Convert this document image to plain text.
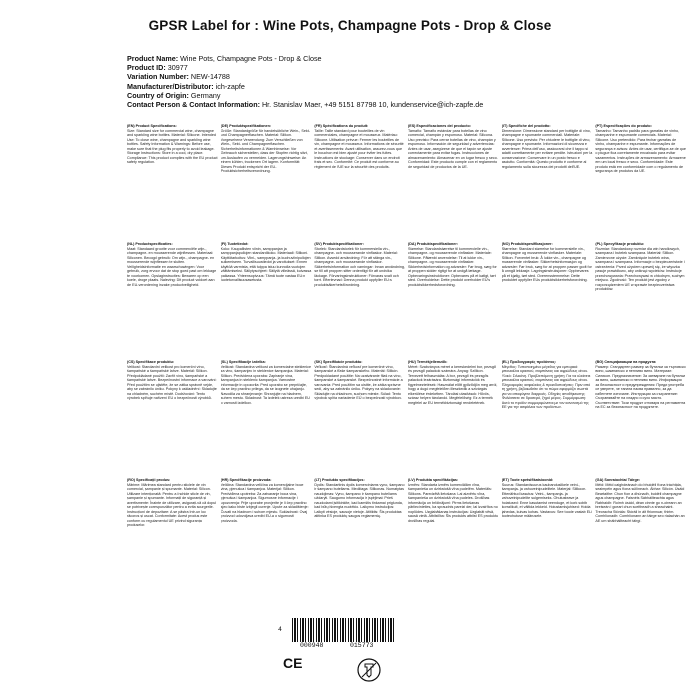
GPSR Label for : Wine Pots, Champagne Pots - Drop & Close
Product Name: Wine Pots, Champagne Pots - Drop & Close
Product ID: 30977
Variation Number: NEW-14788
Manufacturer/Distributor: ich-zapfe
Country of Origin: Germany
Contact Person & Contact Information: Hr. Stanislav Maer, +49 5151 87798 10, kundenservice@ich-zapfe.de
(EN) Product Specifications:
Size: Standard size for commercial wine, champagne and sparkling wine bottles. Material: Silicone. Intended Use: To close wine, champagne and sparkling wine bottles. Safety Information & Warnings: Before use, make sure that the plug fits properly to avoid leakage. Storage Instructions: Store in a cool, dry place. Compliance: This product complies with the EU product safety regulation.
(DE) Produktspezifikationen:
Größe: Standardgröße für handelsübliche Wein-, Sekt- und Champagnerflaschen. Material: Silikon. Vorgesehene Verwendung: Zum Verschließen von Wein-, Sekt- und Champagnerflaschen. Sicherheitsinformationen & Warnhinweise: Vor Gebrauch sicherstellen, dass der Stopfen richtig sitzt, um Auslaufen zu vermeiden. Lagerungshinweise: An einem kühlen, trockenen Ort lagern. Konformität: Dieses Produkt entspricht der EU-Produktsicherheitsverordnung.
(FR) Spécifications du produit:
Taille: Taille standard pour bouteilles de vin commerciales, champagne et mousseux. Matériau: Silicone. Utilisation prévue: Fermer les bouteilles de vin, champagne et mousseux. Informations de sécurité et avertissements: Avant utilisation, assurez-vous que le bouchon est bien ajusté pour éviter les fuites. Instructions de stockage: Conserver dans un endroit frais et sec. Conformité: Ce produit est conforme au règlement de l'UE sur la sécurité des produits.
(ES) Especificaciones del producto:
Tamaño: Tamaño estándar para botellas de vino comercial, champán y espumoso. Material: Silicona. Uso previsto: Para cerrar botellas de vino, champán y espumoso. Información de seguridad y advertencias: Antes de usar, asegúrese de que el tapón se ajuste correctamente para evitar fugas. Instrucciones de almacenamiento: Almacenar en un lugar fresco y seco. Conformidad: Este producto cumple con el reglamento de seguridad de productos de la UE.
(IT) Specifiche del prodotto:
Dimensione: Dimensione standard per bottiglie di vino, champagne e spumante commerciali. Materiale: Silicone. Uso previsto: Per chiudere le bottiglie di vino, champagne e spumante. Informazioni di sicurezza e avvertenze: Prima dell'uso, assicurarsi che il tappo si adatti correttamente per evitare perdite. Istruzioni per la conservazione: Conservare in un posto fresco e asciutto. Conformità: Questo prodotto è conforme al regolamento sulla sicurezza dei prodotti dell'UE.
(PT) Especificações do produto:
Tamanho: Tamanho padrão para garrafas de vinho, champanhe e espumante comerciais. Material: Silicone. Uso pretendido: Para fechar garrafas de vinho, champanhe e espumante. Informações de segurança e avisos: Antes de usar, certifique-se de que o plugue fica corretamente encaixado para evitar vazamentos. Instruções de armazenamento: Armazene em um local fresco e seco. Conformidade: Este produto está em conformidade com o regulamento de segurança de produtos da UE.
(NL) Productspecificaties:
Maat: Standaard grootte voor commerciële wijn-, champagne- en mousserende wijnflessen. Materiaal: Siliconen. Beoogd gebruik: Om wijn-, champagne- en mousserende wijnflessen te sluiten. Veiligheidsinformatie en waarschuwingen: Voor gebruik, zorg ervoor dat de stop goed past om lekkage te voorkomen. Opslaginstructies: Bewaren op een koele, droge plaats. Naleving: Dit product voldoet aan de EU-verordening inzake productveiligheid.
(FI) Tuotetiedot:
Koko: Kaupallisten viinin, samppanjan ja samppanjapullojen standardikoko. Materiaali: Silikoni. Käyttötarkoitus: Viini-, samppanja- ja kuohuviinipullojen sulkemiseen. Turvallisuustiedot ja varoitukset: Ennen käyttöä varmista, että tulppa istuu kunnolla vuotojen välttämiseksi. Säilytysohjeet: Säilytä viileässä, kuivassa paikassa. Yhteensopivuus: Tämä tuote vastaa EU:n tuoteturvallisuusasetusta.
(SV) Produktspecifikationer:
Storlek: Standardstorlek för kommersiella vin-, champagne- och mousserande vinflaskor. Material: Silikon. Avsedd användning: För att stänga vin-, champagne- och mousserande vinflaskor. Säkerhetsinformation och varningar: Innan användning, se till att proppen sitter ordentligt för att undvika läckage. Förvaringsinstruktioner: Förvaras svalt och torrt. Efterlevnad: Denna produkt uppfyller EU:s produktsäkerhetsförordning.
(DA) Produktspecifikationer:
Størrelse: Standardstørrelse til kommercielle vin-, champagne- og mousserende vinflasker. Materiale: Silikone. Påtænkt anvendelse: Til at lukke vin-, champagne- og mousserende vinflasker. Sikkerhedsinformation og advarsler: Før brug, sørg for at proppen sidder rigtigt for at undgå lækage. Opbevaringsinstruktioner: Opbevares på et køligt, tørt sted. Overholdelse: Dette produkt overholder EU's produktsikkerhedsforordning.
(NO) Produktspesifikasjoner:
Størrelse: Standard størrelse for kommersielle vin-, champagne og musserende vinflasker. Materiale: Silikon. Forventet bruk: Å lukke vin-, champagne og musserende vinflasker. Sikkerhetsinformasjon og advarsler: Før bruk, sørg for at proppen passer godt for å unngå lekkasje. Lagringsinstruksjoner: Oppbevares på et kjølig, tørt sted. Overensstemmelse: Dette produktet oppfyller EUs produktsikkerhetsforordning.
(PL) Specyfikacje produktu:
Rozmiar: Standardowy rozmiar dla win handlowych, szampana i butelek szampana. Materiał: Silikon. Zamierzone użycie: Zamknięcie butelek wina, szampana i szampana. Informacje o bezpieczeństwie i ostrzeżenia: Przed użyciem upewnij się, że wtyczka pasuje prawidłowo, aby uniknąć wycieków. Instrukcje przechowywania: Przechowywać w chłodnym, suchym miejscu. Zgodność: Ten produkt jest zgodny z rozporządzeniem UE w sprawie bezpieczeństwa produktów.
(CS) Specifikace produktu:
Velikost: Standardní velikost pro komerční víno, šampaňské a šampaňské lahve. Materiál: Silikon. Předpokládané použití: Zavřít víno, šampaňské a šampaňské lahve. Bezpečnostní informace a varování: Před použitím se ujistěte, že se zátka správně vejde, aby se zabránilo úniku. Pokyny k uskladnění: Skladujte na chladném, suchém místě. Dodržování: Tento výrobek splňuje nařízení EU o bezpečnosti výrobků.
(SL) Specifikacije izdelka:
Velikost: Standardna velikost za komercialne steklenice za vino, šampanjec in steklenice šampanjca. Material: Silikon. Predvidena uporaba: Zapiranje vina, šampanjca in steklenic šampanjca. Varnostne informacije in opozorila: Pred uporabo se prepričajte, da se čep pravilno prilega, da se izognete uhajanju. Navodila za shranjevanje: Shranjujte na hladnem, suhem mestu. Skladnost: Ta izdelek ustreza uredbi EU o varnosti izdelkov.
(SK) Špecifikácie produktu:
Veľkosť: Štandardná veľkosť pre komerčné víno, šampanské a fľaše šampanského. Materiál: Silikón. Predpokladané použitie: Na uzatváranie fliaš na víno, šampanské a šampanské. Bezpečnostné informácie a varovania: Pred použitím sa uistite, že zátka správne sedí, aby sa zabránilo úniku. Pokyny na skladovanie: Skladujte na chladnom, suchom mieste. Súlad: Tento výrobok spĺňa nariadenie EÚ o bezpečnosti výrobkov.
(HU) Termékjellemzők:
Méret: Szabványos méret a kereskedelmi bor, pezsgő és pezsgő palackok számára. Anyag: Szilikon. Tervezett felhasználás: A bor, pezsgő és pezsgős palackok lezárására. Biztonsági információk és figyelmeztetések: Használat előtt győződjön meg arról, hogy a dugó megfelelően illeszkedik a szivárgás elkerülése érdekében. Tárolási utasítások: Hűvös, száraz helyen tárolandó. Megfelelőség: Ez a termék megfelel az EU termékbiztonsági rendeletének.
(EL) Προδιαγραφές προϊόντος:
Μέγεθος: Τυποποιημένο μέγεθος για εμπορικά μπουκάλια κρασιού, σαμπάνιας και αφρώδους οίνου. Υλικό: Σιλικόνη. Προβλεπόμενη χρήση: Για να κλείσετε μπουκάλια κρασιού, σαμπάνιας και αφρώδους οίνου. Πληροφορίες ασφαλείας & προειδοποιήσεις: Πριν από τη χρήση, βεβαιωθείτε ότι το πώμα εφαρμόζει σωστά για να αποφύγετε διαρροές. Οδηγίες αποθήκευσης: Φυλάσσετε σε δροσερό, ξηρό μέρος. Συμμόρφωση: Αυτό το προϊόν συμμορφώνεται με τον κανονισμό της ΕΕ για την ασφάλεια των προϊόντων.
(BG) Спецификации на продукта:
Размер: Стандартен размер за бутилки за търговско вино, шампанско и пенливо вино. Материал: Силикон. Предназначение: За затваряне на бутилки за вино, шампанско и пенливо вино. Информация за безопасност и предупреждения: Преди употреба се уверете, че тапата пасва правилно, за да избегнете изтичане. Инструкции за съхранение: Съхранявайте на хладно и сухо място. Съответствие: Този продукт отговаря на регламента на ЕС за безопасност на продуктите.
(RO) Specificații produs:
Mărime: Mărimea standard pentru sticlele de vin comercial, șampanie și spumante. Material: Silicon. Utilizare intenționată: Pentru a închide sticle de vin, șampanie și spumante. Informații de siguranță și avertismente: Înainte de utilizare, asigurați-vă că dopul se potrivește corespunzător pentru a evita scurgerile. Instrucțiuni de depozitare: A se păstra într-un loc răcoros și uscat. Conformitate: Acest produs este conform cu regulamentul UE privind siguranța produselor.
(HR) Specifikacije proizvoda:
Veličina: Standardna veličina za komercijalne boce vina, pjenušca i šampanjca. Materijal: Silikon. Predviđena upotreba: Za zatvaranje boca vina, pjenušca i šampanjca. Sigurnosne informacije i upozorenja: Prije uporabe provjerite je li čep pravilno sjeo kako biste izbjegli curenje. Upute za skladištenje: Čuvati na hladnom i suhom mjestu. Sukladnost: Ovaj proizvod udovoljava uredbi EU-a o sigurnosti proizvoda.
(LT) Produkto specifikacijos:
Dydis: Standartinis dydis komerciniams vyno, šampano ir šampano buteliams. Medžiaga: Silikonas. Numatytas naudojimas: Vyno, šampano ir šampano buteliams uždaryti. Saugumo informacija ir įspėjimai: Prieš naudodami įsitikinkite, kad kamštis tinkamai priglunda, kad būtų išvengta nuotėkio. Laikymo instrukcijos: Laikyti vėsioje, sausoje vietoje. Atitiktis: Šis produktas atitinka ES produktų saugos reglamentą.
(LV) Produkta specifikācijas:
Izmērs: Standarta izmērs komerciālām vīna, šampanieša un dzirkstošā vīna pudelēm. Materiāls: Silikons. Paredzētā lietošana: Lai aizvērtu vīna, šampanieša un dzirkstošā vīna pudeles. Drošības informācija un brīdinājumi: Pirms lietošanas pārliecinieties, ka spraudnis pareizi der, lai izvairītos no noplūdes. Uzglabāšanas instrukcijas: Uzglabāt vēsā, sausā vietā. Atbilstība: Šis produkts atbilst ES produktu drošības regulai.
(ET) Toote spetsifikatsioonid:
Suurus: Standardsuurus kaubanduslikele veini-, šampanja- ja vahuveinipudelitele. Materjal: Silikoon. Ettenähtud kasutus: Veini-, šampanja- ja vahuveinipudelite sulgemiseks. Ohutusteave ja hoiatused: Enne kasutamist veenduge, et kork sobib korralikult, et vältida lekkeid. Hoiustamisjuhised: Hoida jahedas, kuivas kohas. Vastavus: See toode vastab ELi tooteohutuse määrusele.
(GA) Sonraíochtaí Táirge:
Méid: Méid caighdeánach do bhuidéil fíona tráchtála, seaimpéin agus fíona súilíneach. Ábhar: Silicón. Úsáid Beartaithe: Chun fíon a dhúnadh, buidéil champagne agus champagne. Faisnéis Sábháilteachta agus Rabhaidh: Roimh úsáid, déan cinnte go n-oireann an breiseán i gceart chun sceitheadh a sheachaint. Treoracha Stórála: Stóráil in áit fhionnuar, thirim. Comhlíonadh: Comhlíonann an táirge seo rialachán an AE um shábháilteacht táirgí.
4
000948	015773
CE
